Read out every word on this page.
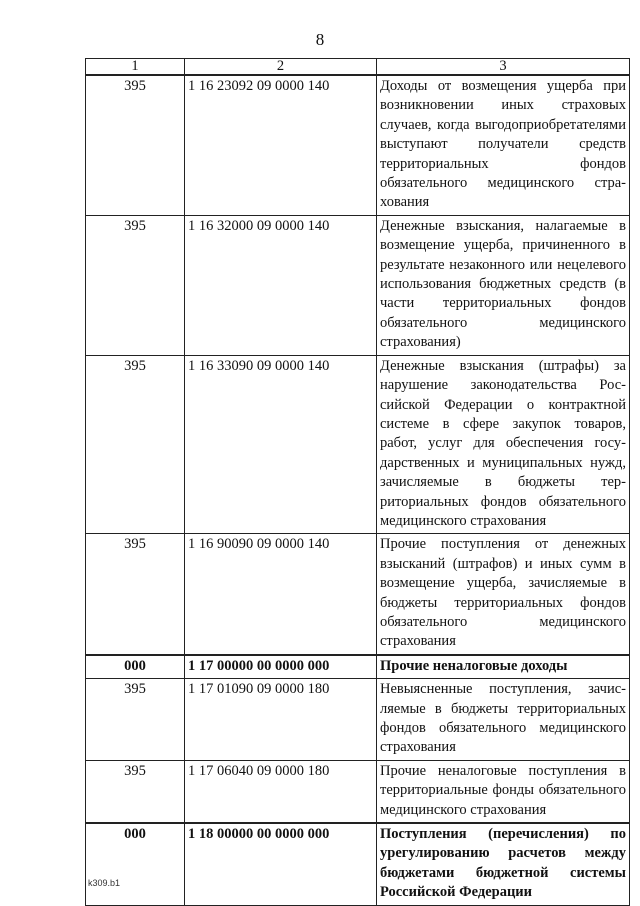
8
1	2	3
395	1 16 23092 09 0000 140	Доходы от возмещения ущерба при возникновении иных страховых случаев, когда выгодоприобретателями выступают получатели средств территориальных фондов обязательного медицинского страхования
395	1 16 32000 09 0000 140	Денежные взыскания, налагаемые в возмещение ущерба, причиненного в результате незаконного или нецелевого использования бюджетных средств (в части территориальных фондов обязательного медицинского страхования)
395	1 16 33090 09 0000 140	Денежные взыскания (штрафы) за нарушение законодательства Российской Федерации о контрактной системе в сфере закупок товаров, работ, услуг для обеспечения государственных и муниципальных нужд, зачисляемые в бюджеты территориальных фондов обязательного медицинского страхования
395	1 16 90090 09 0000 140	Прочие поступления от денежных взысканий (штрафов) и иных сумм в возмещение ущерба, зачисляемые в бюджеты территориальных фондов обязательного медицинского страхования
000	1 17 00000 00 0000 000	Прочие неналоговые доходы
395	1 17 01090 09 0000 180	Невыясненные поступления, зачисляемые в бюджеты территориальных фондов обязательного медицинского страхования
395	1 17 06040 09 0000 180	Прочие неналоговые поступления в территориальные фонды обязательного медицинского страхования
000	1 18 00000 00 0000 000	Поступления (перечисления) по урегулированию расчетов между бюджетами бюджетной системы Российской Федерации
k309.b1
